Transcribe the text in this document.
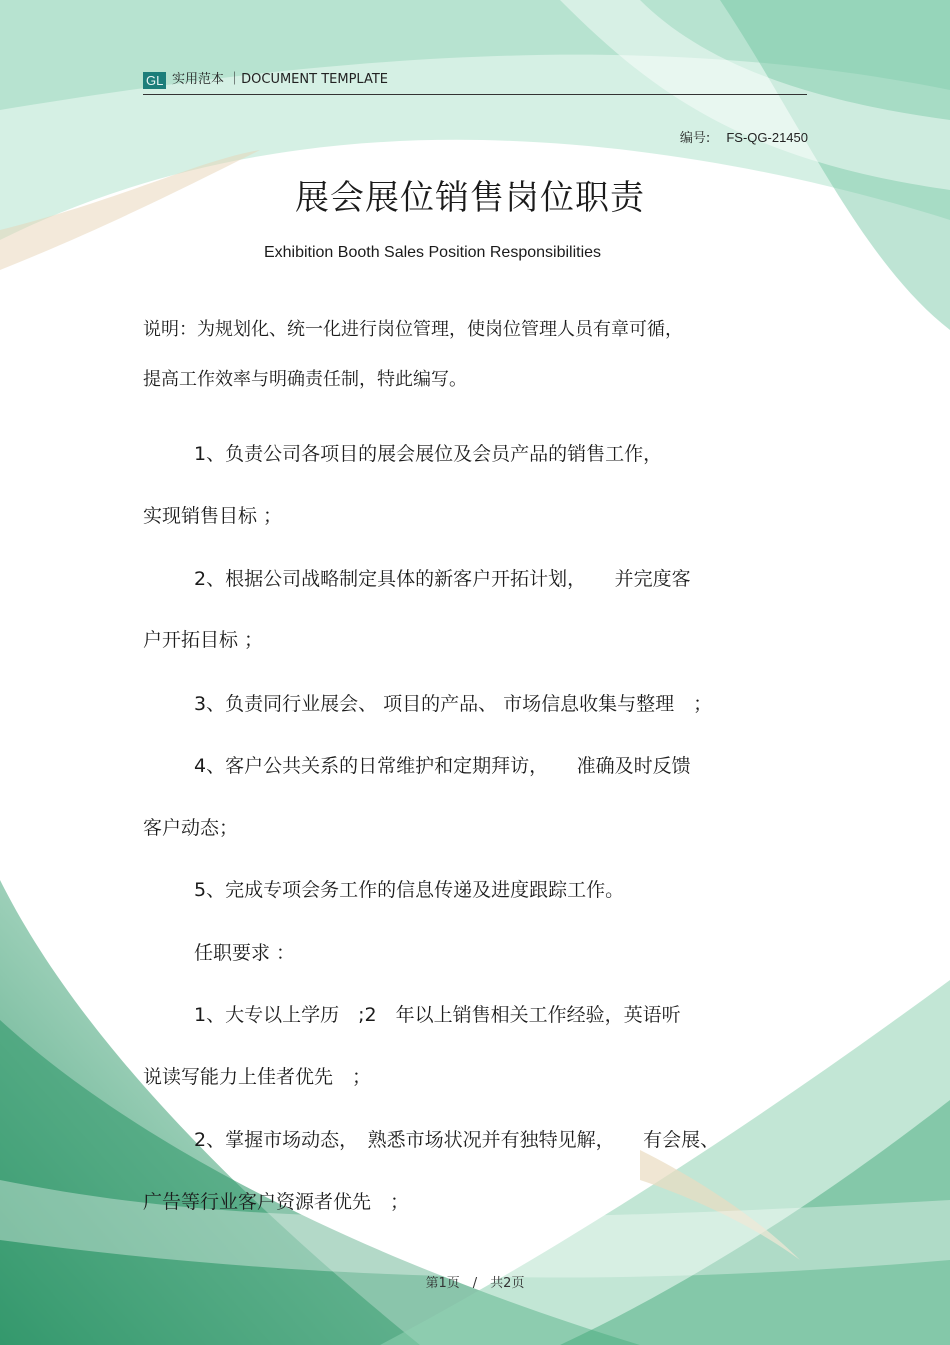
GL 实用范本 ｜DOCUMENT TEMPLATE
编号: FS-QG-21450
展会展位销售岗位职责
Exhibition Booth Sales Position Responsibilities
说明：为规划化、统一化进行岗位管理，使岗位管理人员有章可循，
提高工作效率与明确责任制，特此编写。
1、负责公司各项目的展会展位及会员产品的销售工作，
实现销售目标 ；
2、根据公司战略制定具体的新客户开拓计划，　　并完度客
户开拓目标 ；
3、负责同行业展会、 项目的产品、 市场信息收集与整理　；
4、客户公共关系的日常维护和定期拜访，　　准确及时反馈
客户动态；
5、完成专项会务工作的信息传递及进度跟踪工作。
任职要求 ：
1、大专以上学历　;2　年以上销售相关工作经验，英语听
说读写能力上佳者优先　；
2、掌握市场动态，　熟悉市场状况并有独特见解，　　有会展、
广告等行业客户资源者优先　；
第1页　/　共2页
